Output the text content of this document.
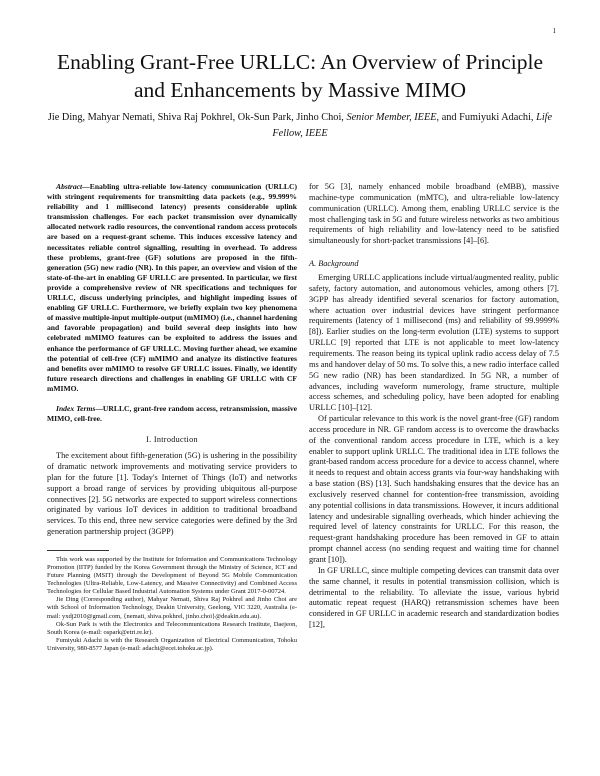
1
Enabling Grant-Free URLLC: An Overview of Principle and Enhancements by Massive MIMO
Jie Ding, Mahyar Nemati, Shiva Raj Pokhrel, Ok-Sun Park, Jinho Choi, Senior Member, IEEE, and Fumiyuki Adachi, Life Fellow, IEEE

Abstract—Enabling ultra-reliable low-latency communication (URLLC) with stringent requirements for transmitting data packets (e.g., 99.999% reliability and 1 millisecond latency) presents considerable uplink transmission challenges. For each packet transmission over dynamically allocated network radio resources, the conventional random access protocols are based on a request-grant scheme. This induces excessive latency and necessitates reliable control signalling, resulting in overhead. To address these problems, grant-free (GF) solutions are proposed in the fifth-generation (5G) new radio (NR). In this paper, an overview and vision of the state-of-the-art in enabling GF URLLC are presented. In particular, we first provide a comprehensive review of NR specifications and techniques for URLLC, discuss underlying principles, and highlight impeding issues of enabling GF URLLC. Furthermore, we briefly explain two key phenomena of massive multiple-input multiple-output (mMIMO) (i.e., channel hardening and favorable propagation) and build several deep insights into how celebrated mMIMO features can be exploited to address the issues and enhance the performance of GF URLLC. Moving further ahead, we examine the potential of cell-free (CF) mMIMO and analyze its distinctive features and benefits over mMIMO to resolve GF URLLC issues. Finally, we identify future research directions and challenges in enabling GF URLLC with CF mMIMO.

Index Terms—URLLC, grant-free random access, retransmission, massive MIMO, cell-free.

I. Introduction

The excitement about fifth-generation (5G) is ushering in the possibility of dramatic network improvements and motivating service providers to plan for the future [1]. Today's Internet of Things (IoT) and networks support a broad range of services by providing ubiquitous all-purpose connectives [2]. 5G networks are expected to support wireless connections originated by various IoT devices in addition to traditional broadband services. To this end, three new service categories were defined by the 3rd generation partnership project (3GPP)

This work was supported by the Institute for Information and Communications Technology Promotion (IITP) funded by the Korea Government through the Ministry of Science, ICT and Future Planning (MSIT) through the Development of Beyond 5G Mobile Communication Technologies (Ultra-Reliable, Low-Latency, and Massive Connectivity) and Combined Access Technologies for Cellular Based Industrial Automation Systems under Grant 2017-0-00724.

Jie Ding (Corresponding author), Mahyar Nemati, Shiva Raj Pokhrel and Jinho Choi are with School of Information Technology, Deakin University, Geelong, VIC 3220, Australia (e-mail: yxdj2010@gmail.com, {nemati, shiva.pokhrel, jinho.choi}@deakin.edu.au).

Ok-Sun Park is with the Electronics and Telecommunications Research Institute, Daejeon, South Korea (e-mail: ospark@etri.re.kr).

Fumiyuki Adachi is with the Research Organization of Electrical Communication, Tohoku University, 980-8577 Japan (e-mail: adachi@ecei.tohoku.ac.jp).

for 5G [3], namely enhanced mobile broadband (eMBB), massive machine-type communication (mMTC), and ultra-reliable low-latency communication (URLLC). Among them, enabling URLLC service is the most challenging task in 5G and future wireless networks as two ambitious requirements of high reliability and low-latency need to be satisfied simultaneously for short-packet transmissions [4]–[6].

A. Background

Emerging URLLC applications include virtual/augmented reality, public safety, factory automation, and autonomous vehicles, among others [7]. 3GPP has already identified several scenarios for factory automation, where actuation over industrial devices have stringent performance requirements (latency of 1 millisecond (ms) and reliability of 99.9999% [8]). Earlier studies on the long-term evolution (LTE) systems to support URLLC [9] reported that LTE is not applicable to meet low-latency requirements. The reason being its typical uplink radio access delay of 7.5 ms and handover delay of 50 ms. To solve this, a new radio interface called 5G new radio (NR) has been standardized. In 5G NR, a number of advances, including waveform numerology, frame structure, multiple access schemes, and scheduling policy, have been adopted for enabling URLLC [10]–[12].

Of particular relevance to this work is the novel grant-free (GF) random access procedure in NR. GF random access is to overcome the drawbacks of the conventional random access procedure in LTE, which is a key enabler to support uplink URLLC. The traditional idea in LTE follows the grant-based random access procedure for a device to access channel, where it needs to request and obtain access grants via four-way handshaking with a base station (BS) [13]. Such handshaking ensures that the device has an exclusively reserved channel for contention-free transmission, avoiding any potential collisions in data transmissions. However, it incurs additional latency and undesirable signalling overheads, which hinder achieving the required level of latency constraints for URLLC. For this reason, the request-grant handshaking procedure has been removed in GF to attain prompt channel access (no sending request and waiting time for channel grant [10]).

In GF URLLC, since multiple competing devices can transmit data over the same channel, it results in potential transmission collision, which is detrimental to the reliability. To alleviate the issue, various hybrid automatic repeat request (HARQ) retransmission schemes have been considered in GF URLLC in academic research and standardization bodies [12],
